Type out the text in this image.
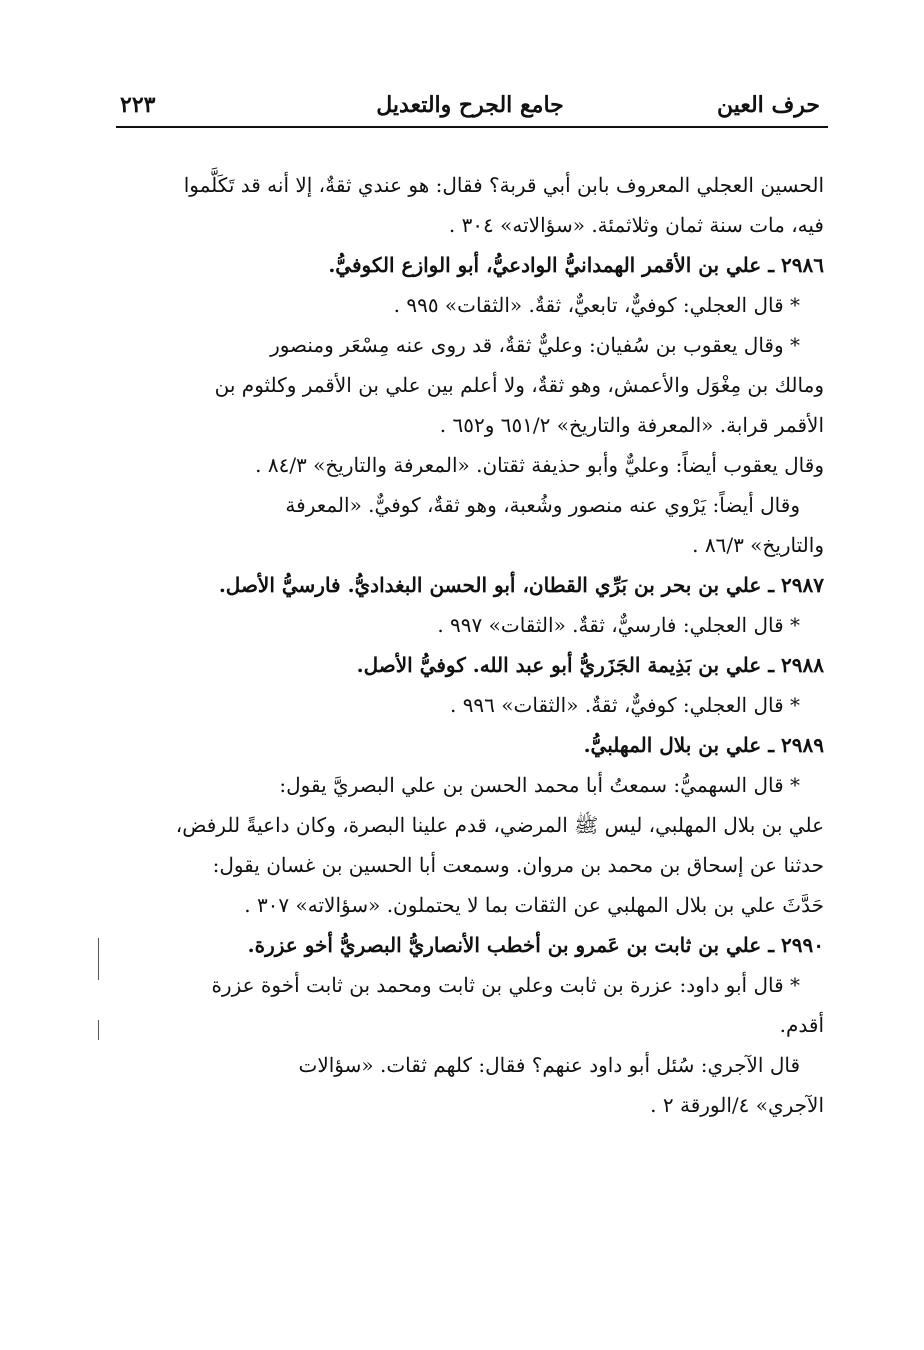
حرف العين
جامع الجرح والتعديل
٢٢٣

الحسين العجلي المعروف بابن أبي قربة؟ فقال: هو عندي ثقةٌ، إلا أنه قد تَكَلَّموا

فيه، مات سنة ثمان وثلاثمئة. «سؤالاته» ٣٠٤ .

٢٩٨٦ ـ علي بن الأقمر الهمدانيُّ الوادعيُّ، أبو الوازع الكوفيُّ.

* قال العجلي: كوفيٌّ، تابعيٌّ، ثقةٌ. «الثقات» ٩٩٥ .

* وقال يعقوب بن سُفيان: وعليٌّ ثقةٌ، قد روى عنه مِسْعَر ومنصور

ومالك بن مِغْوَل والأعمش، وهو ثقةٌ، ولا أعلم بين علي بن الأقمر وكلثوم بن

الأقمر قرابة. «المعرفة والتاريخ» ٦٥١/٢ و٦٥٢ .

وقال يعقوب أيضاً: وعليٌّ وأبو حذيفة ثقتان. «المعرفة والتاريخ» ٨٤/٣ .

وقال أيضاً: يَرْوي عنه منصور وشُعبة، وهو ثقةٌ، كوفيٌّ. «المعرفة

والتاريخ» ٨٦/٣ .

٢٩٨٧ ـ علي بن بحر بن بَرِّي القطان، أبو الحسن البغداديُّ. فارسيُّ الأصل.

* قال العجلي: فارسيٌّ، ثقةٌ. «الثقات» ٩٩٧ .

٢٩٨٨ ـ علي بن بَذِيمة الجَزَريُّ أبو عبد الله. كوفيُّ الأصل.

* قال العجلي: كوفيٌّ، ثقةٌ. «الثقات» ٩٩٦ .

٢٩٨٩ ـ علي بن بلال المهلبيُّ.

* قال السهميُّ: سمعتُ أبا محمد الحسن بن علي البصريَّ يقول:

علي بن بلال المهلبي، ليس ﷺ المرضي، قدم علينا البصرة، وكان داعيةً للرفض،

حدثنا عن إسحاق بن محمد بن مروان. وسمعت أبا الحسين بن غسان يقول:

حَدَّثَ علي بن بلال المهلبي عن الثقات بما لا يحتملون. «سؤالاته» ٣٠٧ .

٢٩٩٠ ـ علي بن ثابت بن عَمرو بن أخطب الأنصاريُّ البصريُّ أخو عزرة.

* قال أبو داود: عزرة بن ثابت وعلي بن ثابت ومحمد بن ثابت أخوة عزرة

أقدم.

قال الآجري: سُئل أبو داود عنهم؟ فقال: كلهم ثقات. «سؤالات

الآجري» ٤/الورقة ٢ .
